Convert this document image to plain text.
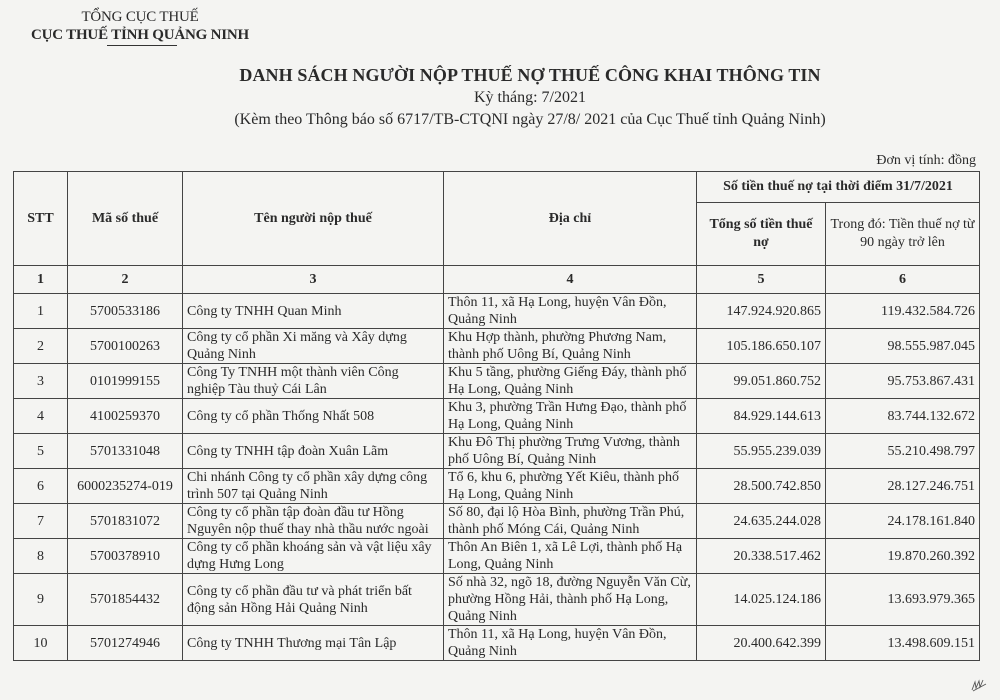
TỔNG CỤC THUẾ
CỤC THUẾ TỈNH QUẢNG NINH
DANH SÁCH NGƯỜI NỘP THUẾ NỢ THUẾ CÔNG KHAI THÔNG TIN
Kỳ tháng: 7/2021
(Kèm theo Thông báo số 6717/TB-CTQNI ngày 27/8/ 2021 của Cục Thuế tỉnh Quảng Ninh)
Đơn vị tính: đồng
STT	Mã số thuế	Tên người nộp thuế	Địa chỉ	Số tiền thuế nợ tại thời điểm 31/7/2021	
				Tổng số tiền thuế nợ	Trong đó: Tiền thuế nợ từ 90 ngày trở lên
1	2	3	4	5	6
1	5700533186	Công ty TNHH Quan Minh	Thôn 11, xã Hạ Long, huyện Vân Đồn, Quảng Ninh	147.924.920.865	119.432.584.726
2	5700100263	Công ty cổ phần Xi măng và Xây dựng Quảng Ninh	Khu Hợp thành, phường Phương Nam, thành phố Uông Bí, Quảng Ninh	105.186.650.107	98.555.987.045
3	0101999155	Công Ty TNHH một thành viên Công nghiệp Tàu thuỷ Cái Lân	Khu 5 tầng, phường Giếng Đáy, thành phố Hạ Long, Quảng Ninh	99.051.860.752	95.753.867.431
4	4100259370	Công ty cổ phần Thống Nhất 508	Khu 3, phường Trần Hưng Đạo, thành phố Hạ Long, Quảng Ninh	84.929.144.613	83.744.132.672
5	5701331048	Công ty TNHH tập đoàn Xuân Lãm	Khu Đô Thị phường Trưng Vương, thành phố Uông Bí, Quảng Ninh	55.955.239.039	55.210.498.797
6	6000235274-019	Chi nhánh Công ty cổ phần xây dựng công trình 507 tại Quảng Ninh	Tổ 6, khu 6, phường Yết Kiêu, thành phố Hạ Long, Quảng Ninh	28.500.742.850	28.127.246.751
7	5701831072	Công ty cổ phần tập đoàn đầu tư Hồng Nguyên nộp thuế thay nhà thầu nước ngoài	Số 80, đại lộ Hòa Bình, phường Trần Phú, thành phố Móng Cái, Quảng Ninh	24.635.244.028	24.178.161.840
8	5700378910	Công ty cổ phần khoáng sản và vật liệu xây dựng Hưng Long	Thôn An Biên 1, xã Lê Lợi, thành phố Hạ Long, Quảng Ninh	20.338.517.462	19.870.260.392
9	5701854432	Công ty cổ phần đầu tư và phát triển bất động sản Hồng Hải Quảng Ninh	Số nhà 32, ngõ 18, đường Nguyễn Văn Cừ, phường Hồng Hải, thành phố Hạ Long, Quảng Ninh	14.025.124.186	13.693.979.365
10	5701274946	Công ty TNHH Thương mại Tân Lập	Thôn 11, xã Hạ Long, huyện Vân Đồn, Quảng Ninh	20.400.642.399	13.498.609.151
